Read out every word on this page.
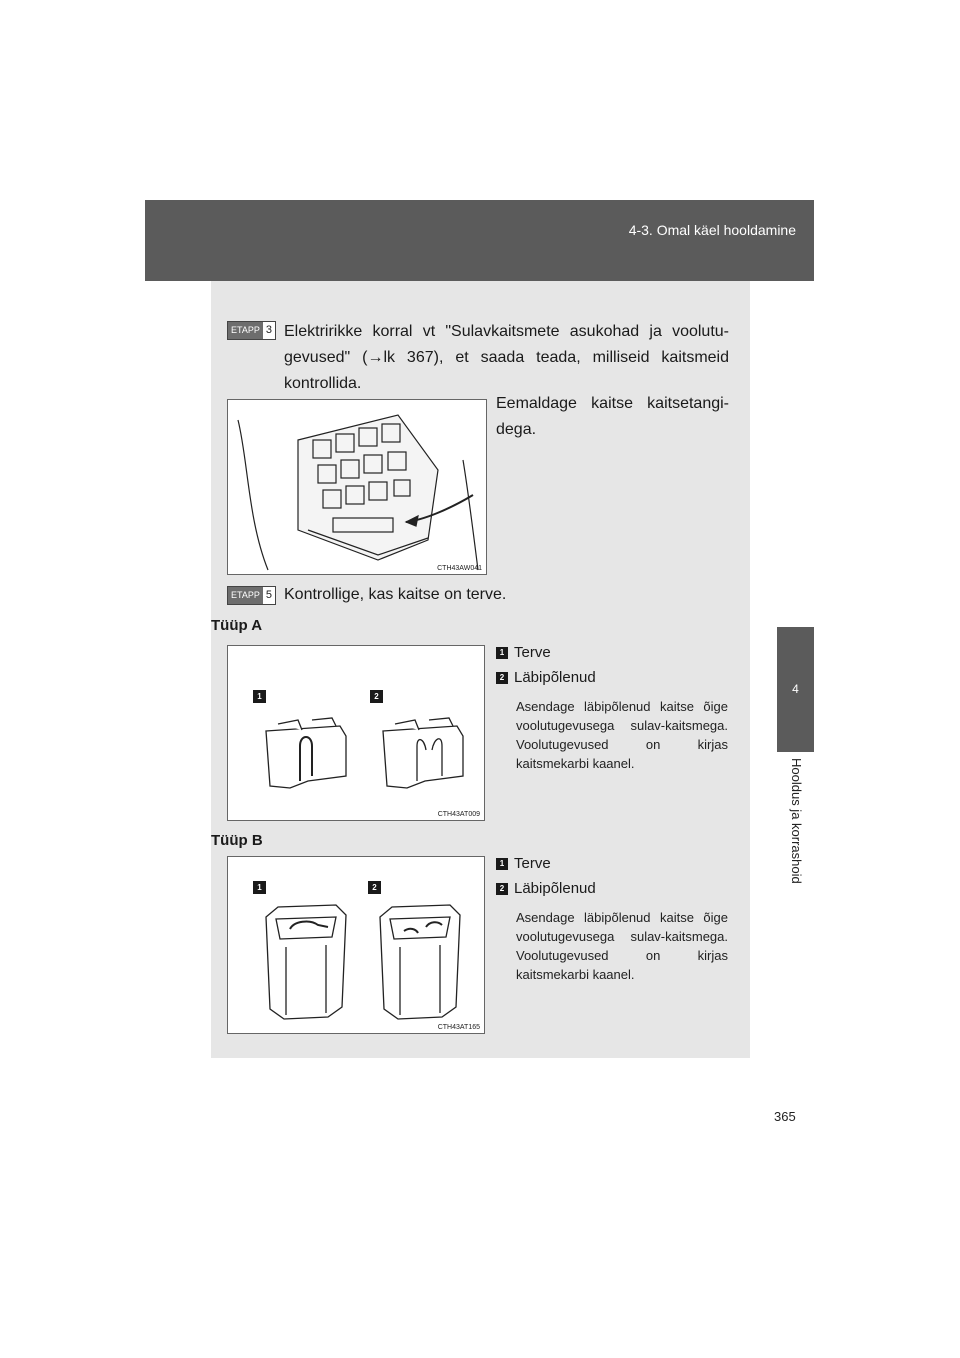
4-3. Omal käel hooldamine
4
Hooldus ja korrashoid
ETAPP 3 Elektririkke korral vt "Sulavkaitsmete asukohad ja voolutu-gevused" (→lk 367), et saada teada, milliseid kaitsmeid kontrollida.
CTH43AW041
Eemaldage kaitse kaitsetangi-dega.
ETAPP 5 Kontrollige, kas kaitse on terve.
Tüüp A
1	2
CTH43AT009
1 Terve
2 Läbipõlenud
Asendage läbipõlenud kaitse õige voolutugevusega sulav-kaitsmega. Voolutugevused on kirjas kaitsmekarbi kaanel.
Tüüp B
1	2
CTH43AT165
1 Terve
2 Läbipõlenud
Asendage läbipõlenud kaitse õige voolutugevusega sulav-kaitsmega. Voolutugevused on kirjas kaitsmekarbi kaanel.
365
